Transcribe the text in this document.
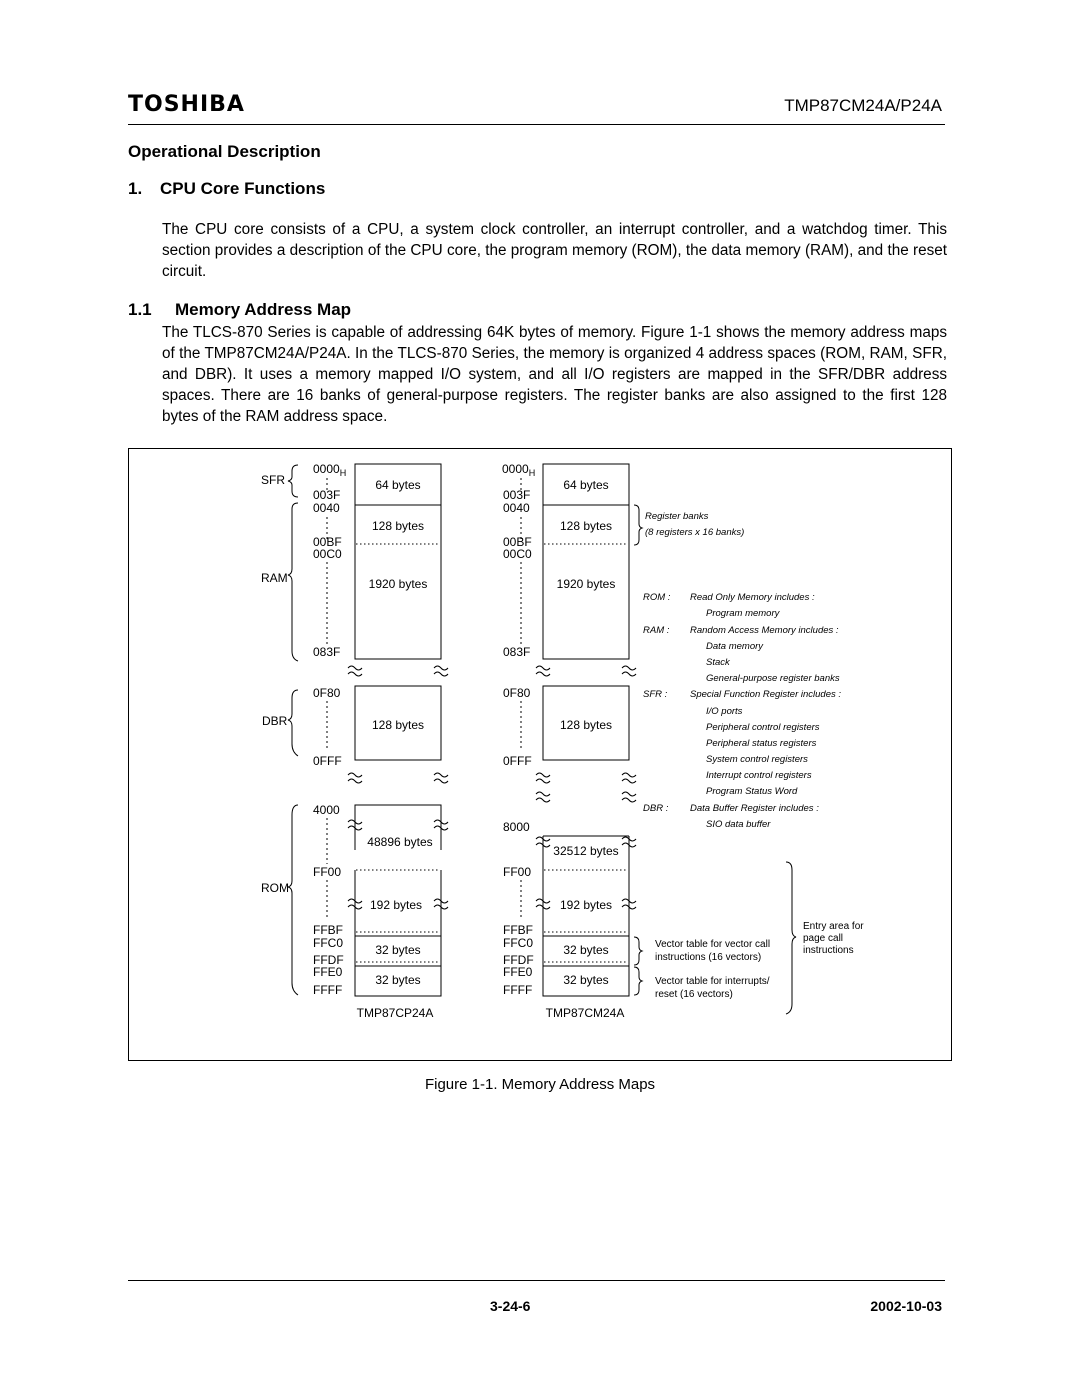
TOSHIBA	TMP87CM24A/P24A
Operational Description
1. CPU Core Functions
The CPU core consists of a CPU, a system clock controller, an interrupt controller, and a watchdog timer. This section provides a description of the CPU core, the program memory (ROM), the data memory (RAM), and the reset circuit.
1.1 Memory Address Map
The TLCS-870 Series is capable of addressing 64K bytes of memory. Figure 1-1 shows the memory address maps of the TMP87CM24A/P24A. In the TLCS-870 Series, the memory is organized 4 address spaces (ROM, RAM, SFR, and DBR). It uses a memory mapped I/O system, and all I/O registers are mapped in the SFR/DBR address spaces. There are 16 banks of general-purpose registers. The register banks are also assigned to the first 128 bytes of the RAM address space.
SFR
RAM
DBR
ROM
$0000_H$
003F
0040
00BF
00C0
083F
0F80
0FFF
4000
FF00
FFBF
FFC0
FFDF
FFE0
FFFF
64 bytes
128 bytes
1920 bytes
128 bytes
48896 bytes
192 bytes
32 bytes
32 bytes
TMP87CP24A
$0000_H$
003F
0040
00BF
00C0
083F
0F80
0FFF
8000
FF00
FFBF
FFC0
FFDF
FFE0
FFFF
64 bytes
128 bytes
1920 bytes
128 bytes
32512 bytes
192 bytes
32 bytes
32 bytes
TMP87CM24A
Register banks
(8 registers x 16 banks)
ROM : Read Only Memory includes :
Program memory
RAM : Random Access Memory includes :
Data memory
Stack
General-purpose register banks
SFR : Special Function Register includes :
I/O ports
Peripheral control registers
Peripheral status registers
System control registers
Interrupt control registers
Program Status Word
DBR : Data Buffer Register includes :
SIO data buffer
Vector table for vector call
instructions (16 vectors)
Vector table for interrupts/
reset (16 vectors)
Entry area for
page call
instructions
Figure 1-1. Memory Address Maps
3-24-6	2002-10-03
